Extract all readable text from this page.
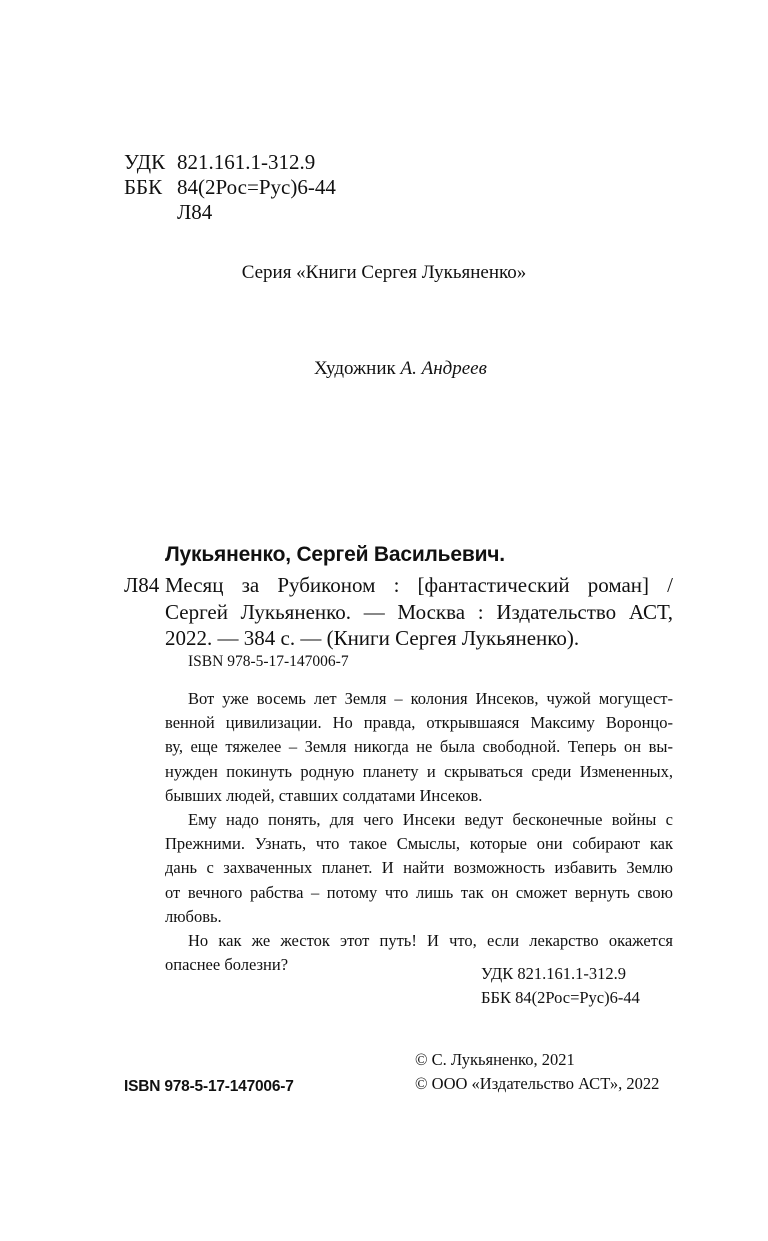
УДК 821.161.1-312.9
ББК 84(2Рос=Рус)6-44
Л84

Серия «Книги Сергея Лукьяненко»

Художник А. Андреев

Лукьяненко, Сергей Васильевич.

Л84 Месяц за Рубиконом : [фантастический роман] /
Сергей Лукьяненко. — Москва : Издательство АСТ,
2022. — 384 с. — (Книги Сергея Лукьяненко).

ISBN 978-5-17-147006-7

Вот уже восемь лет Земля – колония Инсеков, чужой могущест-
венной цивилизации. Но правда, открывшаяся Максиму Воронцо-
ву, еще тяжелее – Земля никогда не была свободной. Теперь он вы-
нужден покинуть родную планету и скрываться среди Измененных,
бывших людей, ставших солдатами Инсеков.
Ему надо понять, для чего Инсеки ведут бесконечные войны с
Прежними. Узнать, что такое Смыслы, которые они собирают как
дань с захваченных планет. И найти возможность избавить Землю
от вечного рабства – потому что лишь так он сможет вернуть свою
любовь.
Но как же жесток этот путь! И что, если лекарство окажется
опаснее болезни?	УДК 821.161.1-312.9

ББК 84(2Рос=Рус)6-44

© С. Лукьяненко, 2021

© ООО «Издательство АСТ», 2022

ISBN 978-5-17-147006-7
